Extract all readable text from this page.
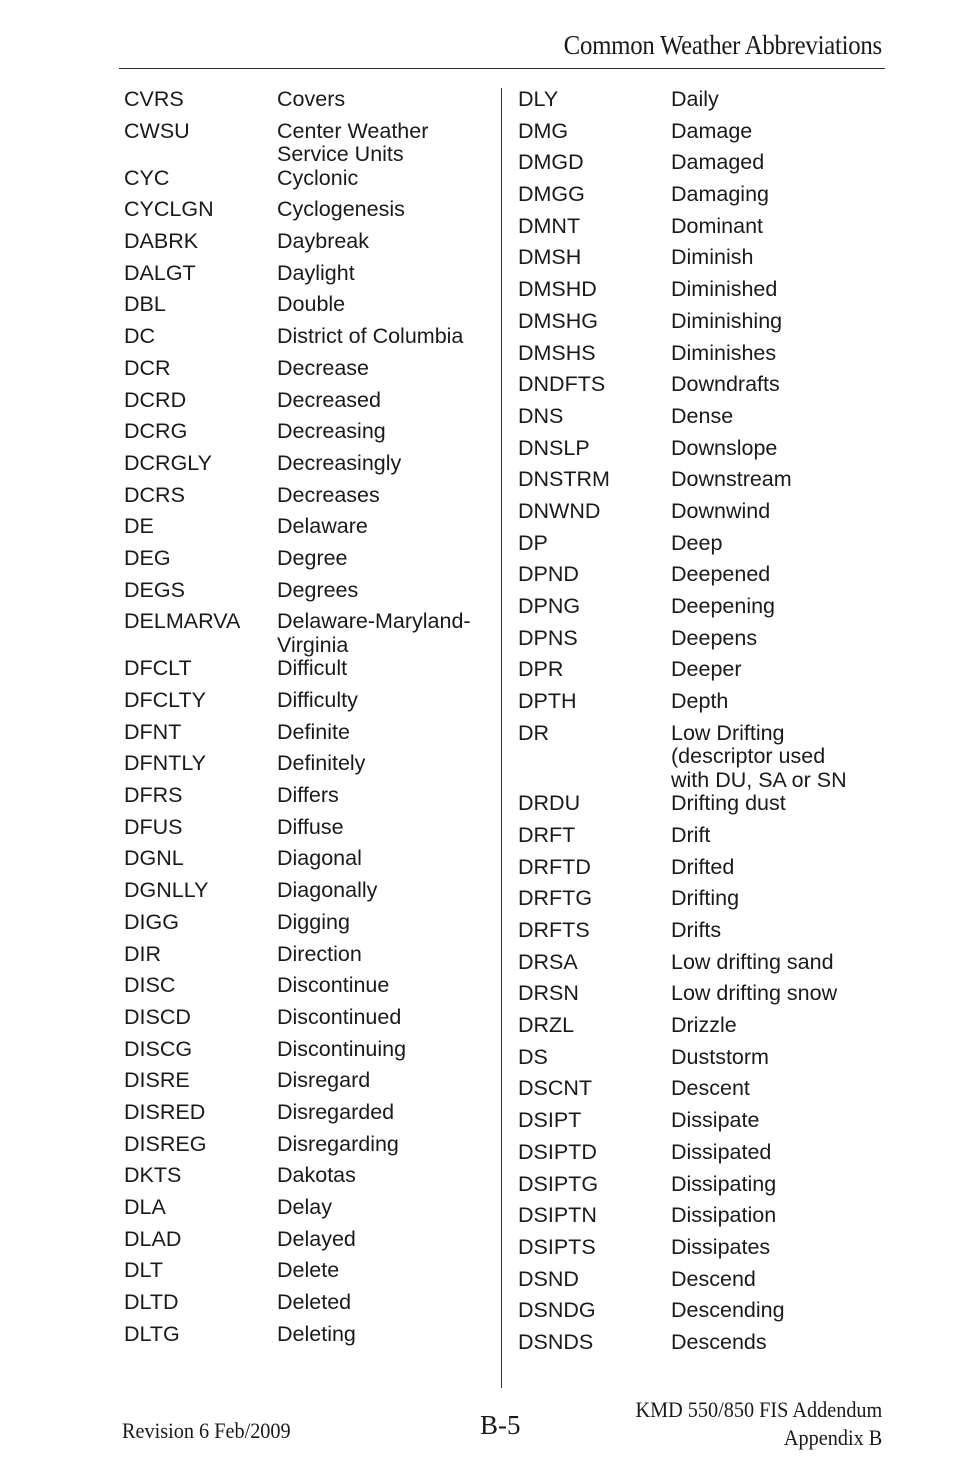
Common Weather Abbreviations
CVRS	Covers
CWSU	Center Weather
Service Units
CYC	Cyclonic
CYCLGN	Cyclogenesis
DABRK	Daybreak
DALGT	Daylight
DBL	Double
DC	District of Columbia
DCR	Decrease
DCRD	Decreased
DCRG	Decreasing
DCRGLY	Decreasingly
DCRS	Decreases
DE	Delaware
DEG	Degree
DEGS	Degrees
DELMARVA	Delaware-Maryland-
Virginia
DFCLT	Difficult
DFCLTY	Difficulty
DFNT	Definite
DFNTLY	Definitely
DFRS	Differs
DFUS	Diffuse
DGNL	Diagonal
DGNLLY	Diagonally
DIGG	Digging
DIR	Direction
DISC	Discontinue
DISCD	Discontinued
DISCG	Discontinuing
DISRE	Disregard
DISRED	Disregarded
DISREG	Disregarding
DKTS	Dakotas
DLA	Delay
DLAD	Delayed
DLT	Delete
DLTD	Deleted
DLTG	Deleting
DLY	Daily
DMG	Damage
DMGD	Damaged
DMGG	Damaging
DMNT	Dominant
DMSH	Diminish
DMSHD	Diminished
DMSHG	Diminishing
DMSHS	Diminishes
DNDFTS	Downdrafts
DNS	Dense
DNSLP	Downslope
DNSTRM	Downstream
DNWND	Downwind
DP	Deep
DPND	Deepened
DPNG	Deepening
DPNS	Deepens
DPR	Deeper
DPTH	Depth
DR	Low Drifting
(descriptor used
with DU, SA or SN
DRDU	Drifting dust
DRFT	Drift
DRFTD	Drifted
DRFTG	Drifting
DRFTS	Drifts
DRSA	Low drifting sand
DRSN	Low drifting snow
DRZL	Drizzle
DS	Duststorm
DSCNT	Descent
DSIPT	Dissipate
DSIPTD	Dissipated
DSIPTG	Dissipating
DSIPTN	Dissipation
DSIPTS	Dissipates
DSND	Descend
DSNDG	Descending
DSNDS	Descends
Revision 6 Feb/2009	B-5
KMD 550/850 FIS Addendum
Appendix B
